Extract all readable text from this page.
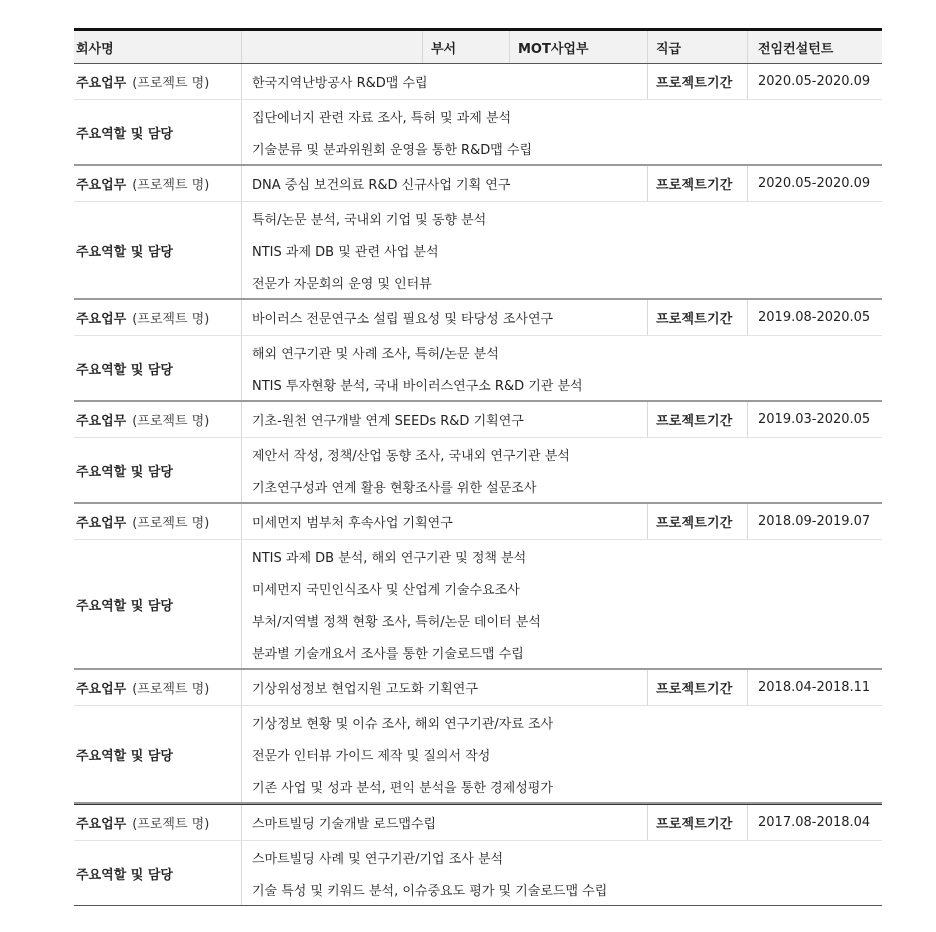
회사명	부서	MOT사업부	직급	전임컨설턴트
주요업무 (프로젝트 명)	한국지역난방공사 R&D맵 수립	프로젝트기간	2020.05-2020.09
주요역할 및 담당
집단에너지 관련 자료 조사, 특허 및 과제 분석
기술분류 및 분과위원회 운영을 통한 R&D맵 수립
주요업무 (프로젝트 명)	DNA 중심 보건의료 R&D 신규사업 기획 연구	프로젝트기간	2020.05-2020.09
주요역할 및 담당
특허/논문 분석, 국내외 기업 및 동향 분석
NTIS 과제 DB 및 관련 사업 분석
전문가 자문회의 운영 및 인터뷰
주요업무 (프로젝트 명)	바이러스 전문연구소 설립 필요성 및 타당성 조사연구	프로젝트기간	2019.08-2020.05
주요역할 및 담당
해외 연구기관 및 사례 조사, 특허/논문 분석
NTIS 투자현황 분석, 국내 바이러스연구소 R&D 기관 분석
주요업무 (프로젝트 명)	기초-원천 연구개발 연계 SEEDs R&D 기획연구	프로젝트기간	2019.03-2020.05
주요역할 및 담당
제안서 작성, 정책/산업 동향 조사, 국내외 연구기관 분석
기초연구성과 연계 활용 현황조사를 위한 설문조사
주요업무 (프로젝트 명)	미세먼지 범부처 후속사업 기획연구	프로젝트기간	2018.09-2019.07
주요역할 및 담당
NTIS 과제 DB 분석, 해외 연구기관 및 정책 분석
미세먼지 국민인식조사 및 산업계 기술수요조사
부처/지역별 정책 현황 조사, 특허/논문 데이터 분석
분과별 기술개요서 조사를 통한 기술로드맵 수립
주요업무 (프로젝트 명)	기상위성정보 현업지원 고도화 기획연구	프로젝트기간	2018.04-2018.11
주요역할 및 담당
기상정보 현황 및 이슈 조사, 해외 연구기관/자료 조사
전문가 인터뷰 가이드 제작 및 질의서 작성
기존 사업 및 성과 분석, 편익 분석을 통한 경제성평가
주요업무 (프로젝트 명)	스마트빌딩 기술개발 로드맵수립	프로젝트기간	2017.08-2018.04
주요역할 및 담당
스마트빌딩 사례 및 연구기관/기업 조사 분석
기술 특성 및 키워드 분석, 이슈중요도 평가 및 기술로드맵 수립
